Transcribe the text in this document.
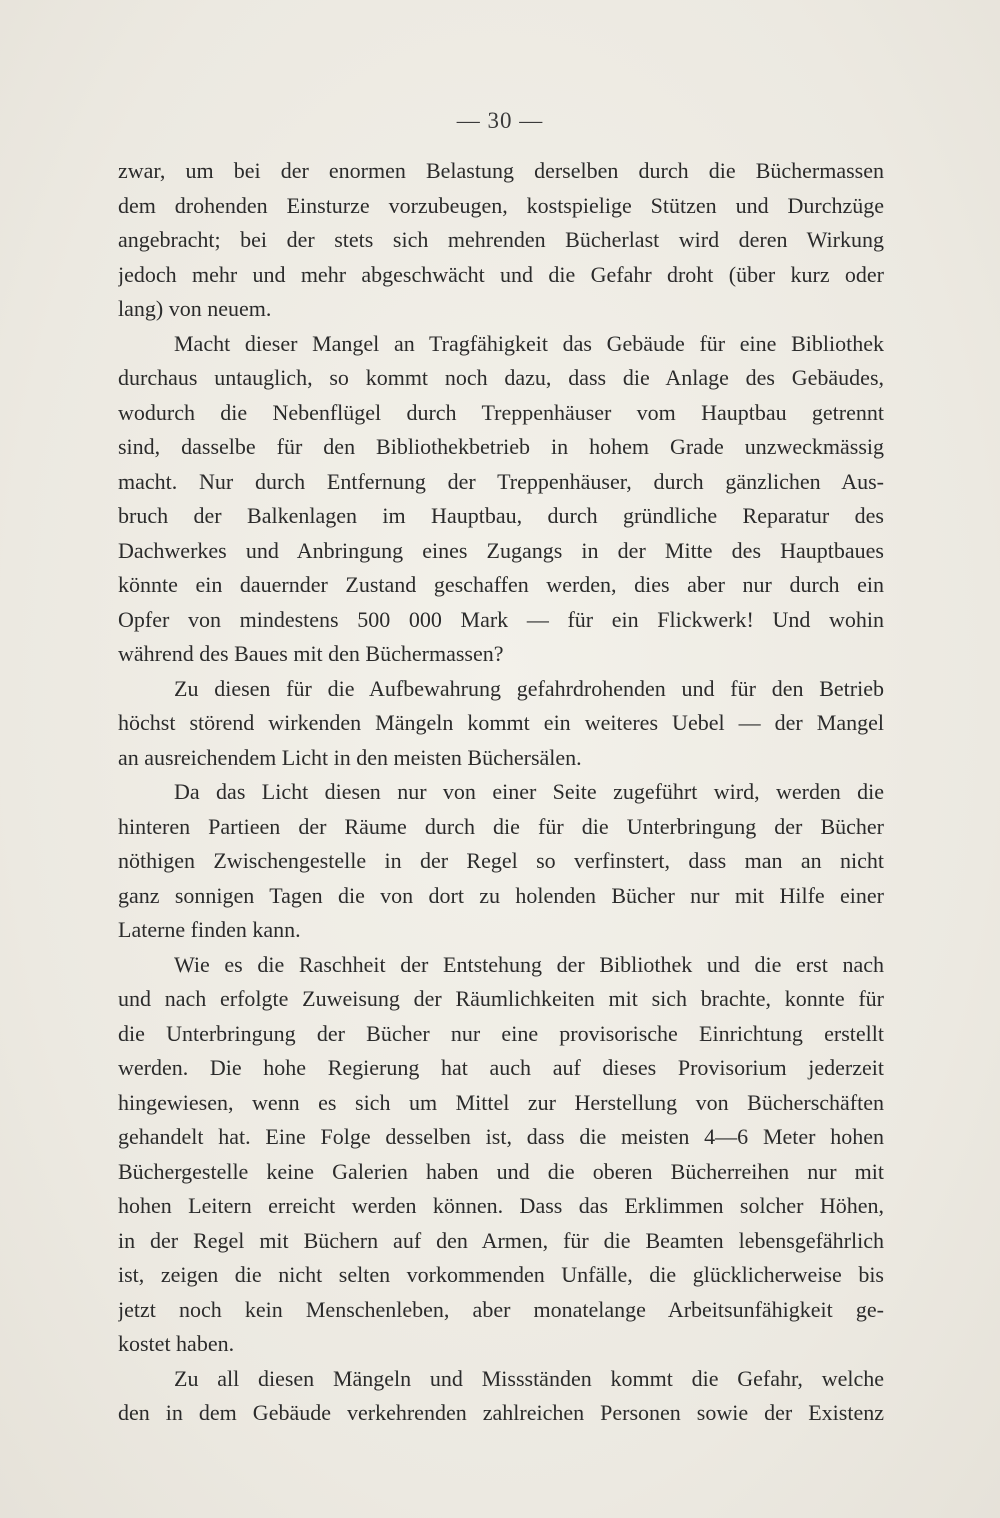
— 30 —
zwar, um bei der enormen Belastung derselben durch die Büchermassen
dem drohenden Einsturze vorzubeugen, kostspielige Stützen und Durchzüge
angebracht; bei der stets sich mehrenden Bücherlast wird deren Wirkung
jedoch mehr und mehr abgeschwächt und die Gefahr droht (über kurz oder
lang) von neuem.
Macht dieser Mangel an Tragfähigkeit das Gebäude für eine Bibliothek
durchaus untauglich, so kommt noch dazu, dass die Anlage des Gebäudes,
wodurch die Nebenflügel durch Treppenhäuser vom Hauptbau getrennt
sind, dasselbe für den Bibliothekbetrieb in hohem Grade unzweckmässig
macht. Nur durch Entfernung der Treppenhäuser, durch gänzlichen Aus-
bruch der Balkenlagen im Hauptbau, durch gründliche Reparatur des
Dachwerkes und Anbringung eines Zugangs in der Mitte des Hauptbaues
könnte ein dauernder Zustand geschaffen werden, dies aber nur durch ein
Opfer von mindestens 500 000 Mark — für ein Flickwerk! Und wohin
während des Baues mit den Büchermassen?
Zu diesen für die Aufbewahrung gefahrdrohenden und für den Betrieb
höchst störend wirkenden Mängeln kommt ein weiteres Uebel — der Mangel
an ausreichendem Licht in den meisten Büchersälen.
Da das Licht diesen nur von einer Seite zugeführt wird, werden die
hinteren Partieen der Räume durch die für die Unterbringung der Bücher
nöthigen Zwischengestelle in der Regel so verfinstert, dass man an nicht
ganz sonnigen Tagen die von dort zu holenden Bücher nur mit Hilfe einer
Laterne finden kann.
Wie es die Raschheit der Entstehung der Bibliothek und die erst nach
und nach erfolgte Zuweisung der Räumlichkeiten mit sich brachte, konnte für
die Unterbringung der Bücher nur eine provisorische Einrichtung erstellt
werden. Die hohe Regierung hat auch auf dieses Provisorium jederzeit
hingewiesen, wenn es sich um Mittel zur Herstellung von Bücherschäften
gehandelt hat. Eine Folge desselben ist, dass die meisten 4—6 Meter hohen
Büchergestelle keine Galerien haben und die oberen Bücherreihen nur mit
hohen Leitern erreicht werden können. Dass das Erklimmen solcher Höhen,
in der Regel mit Büchern auf den Armen, für die Beamten lebensgefährlich
ist, zeigen die nicht selten vorkommenden Unfälle, die glücklicherweise bis
jetzt noch kein Menschenleben, aber monatelange Arbeitsunfähigkeit ge-
kostet haben.
Zu all diesen Mängeln und Missständen kommt die Gefahr, welche
den in dem Gebäude verkehrenden zahlreichen Personen sowie der Existenz
